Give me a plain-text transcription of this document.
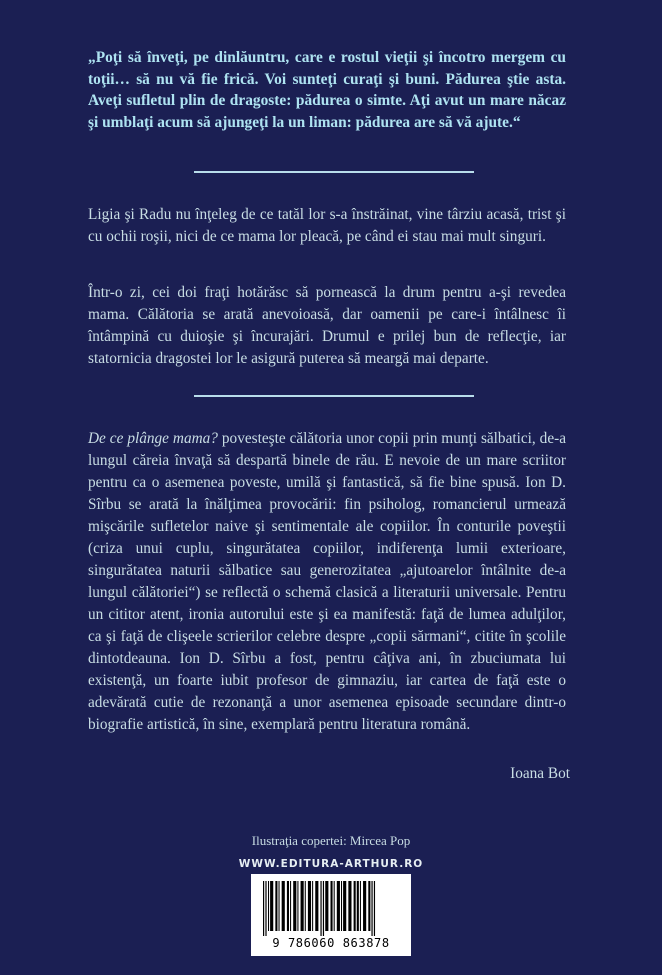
„Poţi să înveţi, pe dinlăuntru, care e rostul vieţii şi încotro mergem cu toţii… să nu vă fie frică. Voi sunteţi curaţi şi buni. Pădurea ştie asta. Aveţi sufletul plin de dragoste: pădurea o simte. Aţi avut un mare năcaz şi umblaţi acum să ajungeţi la un liman: pădurea are să vă ajute.“

Ligia şi Radu nu înţeleg de ce tatăl lor s-a înstrăinat, vine târziu acasă, trist şi cu ochii roşii, nici de ce mama lor pleacă, pe când ei stau mai mult singuri.

Într-o zi, cei doi fraţi hotărăsc să pornească la drum pentru a-şi revedea mama. Călătoria se arată anevoioasă, dar oamenii pe care-i întâlnesc îi întâmpină cu duioşie şi încurajări. Drumul e prilej bun de reflecţie, iar statornicia dragostei lor le asigură puterea să meargă mai departe.

De ce plânge mama? povesteşte călătoria unor copii prin munţi sălbatici, de-a lungul căreia învaţă să despartă binele de rău. E nevoie de un mare scriitor pentru ca o asemenea poveste, umilă şi fantastică, să fie bine spusă. Ion D. Sîrbu se arată la înălţimea provocării: fin psiholog, romancierul urmează mişcările sufletelor naive şi sentimentale ale copiilor. În conturile poveştii (criza unui cuplu, singurătatea copiilor, indiferenţa lumii exterioare, singurătatea naturii sălbatice sau generozitatea „ajutoarelor întâlnite de-a lungul călătoriei“) se reflectă o schemă clasică a literaturii universale. Pentru un cititor atent, ironia autorului este şi ea manifestă: faţă de lumea adulţilor, ca şi faţă de clişeele scrierilor celebre despre „copii sărmani“, citite în şcolile dintotdeauna. Ion D. Sîrbu a fost, pentru câţiva ani, în zbuciumata lui existenţă, un foarte iubit profesor de gimnaziu, iar cartea de faţă este o adevărată cutie de rezonanţă a unor asemenea episoade secundare dintr-o biografie artistică, în sine, exemplară pentru literatura română.

Ioana Bot
Ilustraţia copertei: Mircea Pop
WWW.EDITURA-ARTHUR.RO
9 786060 863878
